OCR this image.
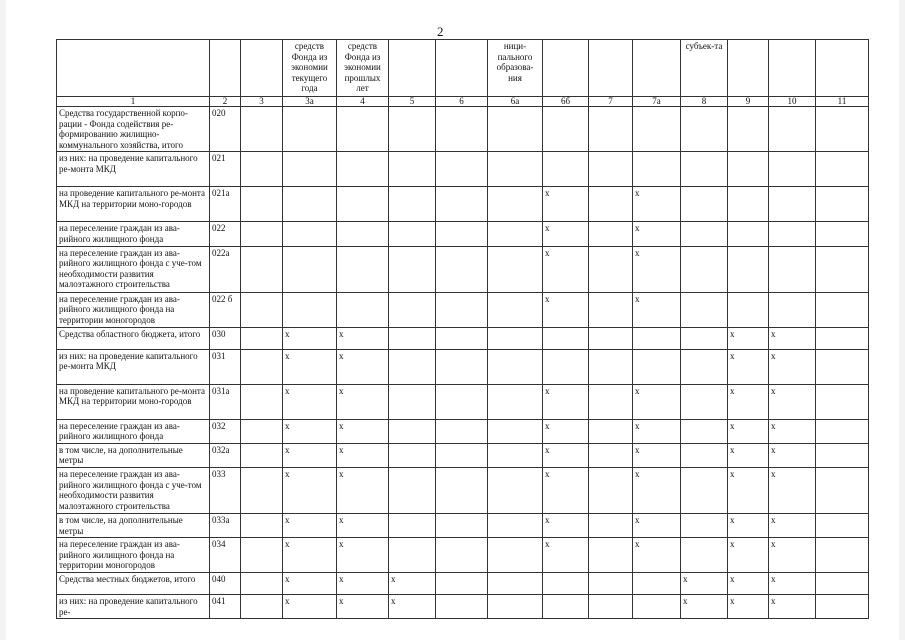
2
			средств Фонда из экономии текущего года	средств Фонда из экономии прошлых лет			ници-пального образова-ния				субъек-та			
1	2	3	3а	4	5	6	6а	6б	7	7а	8	9	10	11
Средства государственной корпо-рации - Фонда содействия ре-формированию жилищно-коммунального хозяйства, итого	020													
из них: на проведение капитального ре-монта МКД	021													
на проведение капитального ре-монта МКД на территории моно-городов	021а							х		х				
на переселение граждан из ава-рийного жилищного фонда	022							х		х				
на переселение граждан из ава-рийного жилищного фонда с уче-том необходимости развития малоэтажного строительства	022а							х		х				
на переселение граждан из ава-рийного жилищного фонда на территории моногородов	022 б							х		х				
Средства областного бюджета, итого	030		х	х								х	х	
из них: на проведение капитального ре-монта МКД	031		х	х								х	х	
на проведение капитального ре-монта МКД на территории моно-городов	031а		х	х				х		х		х	х	
на переселение граждан из ава-рийного жилищного фонда	032		х	х				х		х		х	х	
в том числе, на дополнительные метры	032а		х	х				х		х		х	х	
на переселение граждан из ава-рийного жилищного фонда с уче-том необходимости развития малоэтажного строительства	033		х	х				х		х		х	х	
в том числе, на дополнительные метры	033а		х	х				х		х		х	х	
на переселение граждан из ава-рийного жилищного фонда на территории моногородов	034		х	х				х		х		х	х	
Средства местных бюджетов, итого	040		х	х	х						х	х	х	
из них: на проведение капитального ре-	041		х	х	х						х	х	х	
